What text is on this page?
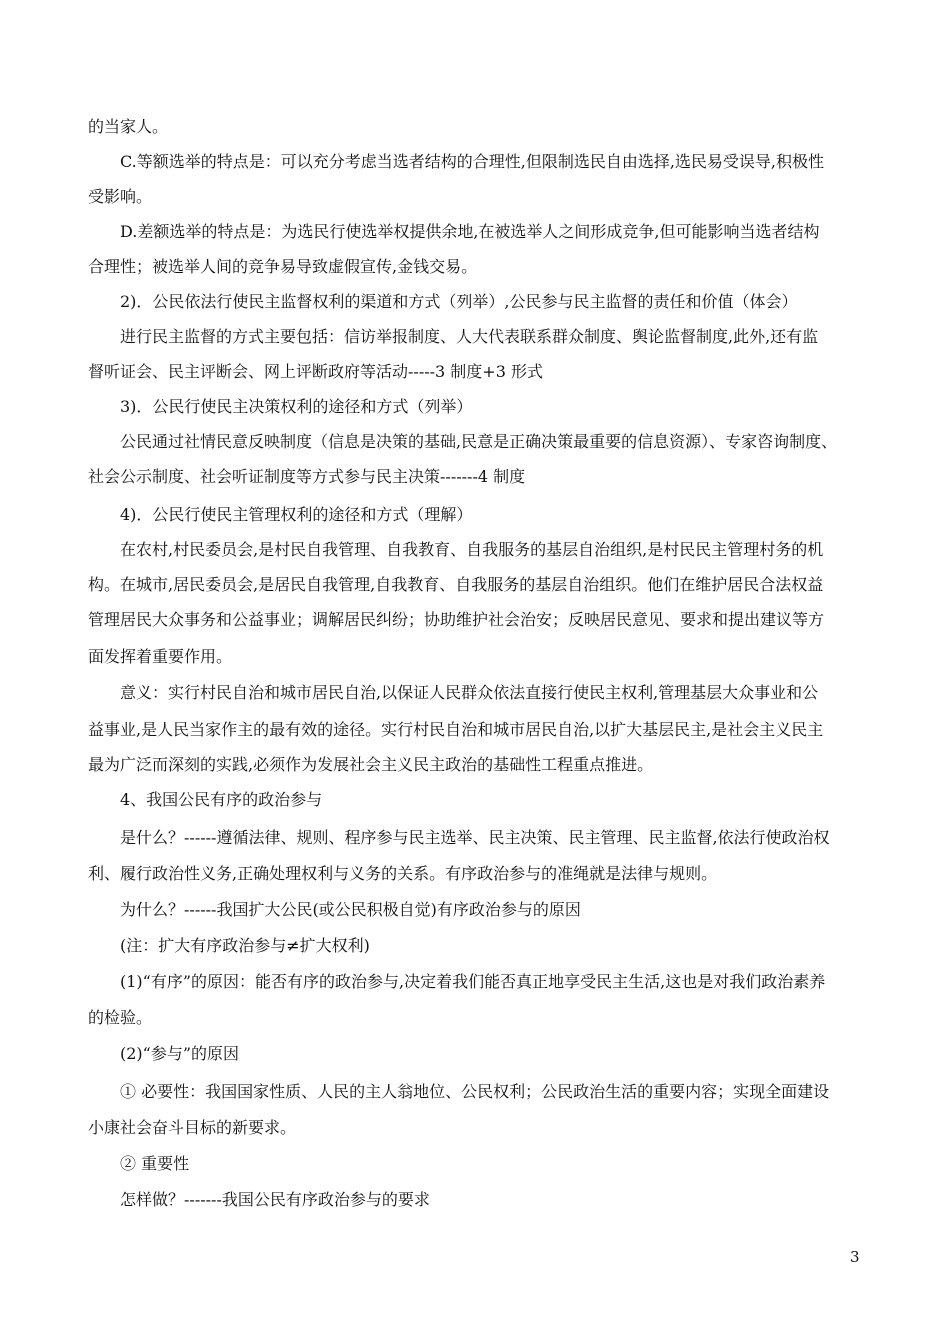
的当家人。
C.等额选举的特点是：可以充分考虑当选者结构的合理性,但限制选民自由选择,选民易受误导,积极性
受影响。
D.差额选举的特点是：为选民行使选举权提供余地,在被选举人之间形成竞争,但可能影响当选者结构
合理性；被选举人间的竞争易导致虚假宣传,金钱交易。
2)．公民依法行使民主监督权利的渠道和方式（列举）,公民参与民主监督的责任和价值（体会）
进行民主监督的方式主要包括：信访举报制度、人大代表联系群众制度、舆论监督制度,此外,还有监
督听证会、民主评断会、网上评断政府等活动-----3 制度+3 形式
3)．公民行使民主决策权利的途径和方式（列举）
公民通过社情民意反映制度（信息是决策的基础,民意是正确决策最重要的信息资源）、专家咨询制度、
社会公示制度、社会听证制度等方式参与民主决策-------4 制度
4)．公民行使民主管理权利的途径和方式（理解）
在农村,村民委员会,是村民自我管理、自我教育、自我服务的基层自治组织,是村民民主管理村务的机
构。在城市,居民委员会,是居民自我管理,自我教育、自我服务的基层自治组织。他们在维护居民合法权益
管理居民大众事务和公益事业；调解居民纠纷；协助维护社会治安；反映居民意见、要求和提出建议等方
面发挥着重要作用。
意义：实行村民自治和城市居民自治,以保证人民群众依法直接行使民主权利,管理基层大众事业和公
益事业,是人民当家作主的最有效的途径。实行村民自治和城市居民自治,以扩大基层民主,是社会主义民主
最为广泛而深刻的实践,必须作为发展社会主义民主政治的基础性工程重点推进。
4、我国公民有序的政治参与
是什么？------遵循法律、规则、程序参与民主选举、民主决策、民主管理、民主监督,依法行使政治权
利、履行政治性义务,正确处理权利与义务的关系。有序政治参与的准绳就是法律与规则。
为什么？------我国扩大公民(或公民积极自觉)有序政治参与的原因
(注：扩大有序政治参与≠扩大权利)
(1)“有序”的原因：能否有序的政治参与,决定着我们能否真正地享受民主生活,这也是对我们政治素养
的检验。
(2)“参与”的原因
① 必要性：我国国家性质、人民的主人翁地位、公民权利；公民政治生活的重要内容；实现全面建设
小康社会奋斗目标的新要求。
② 重要性
怎样做？-------我国公民有序政治参与的要求
3
